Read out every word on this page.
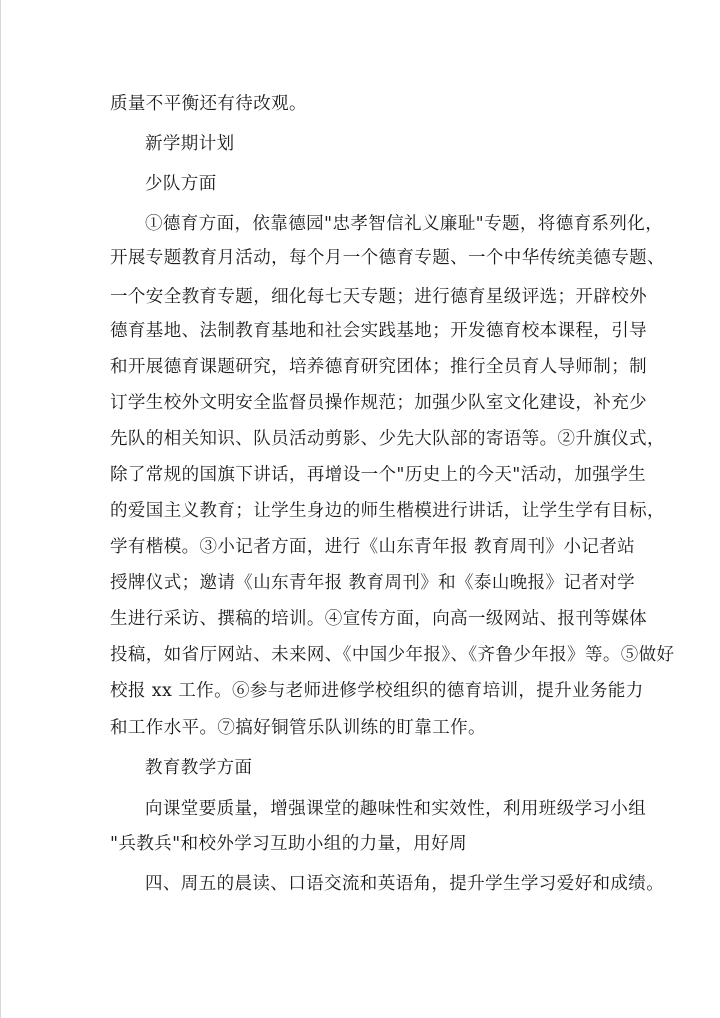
质量不平衡还有待改观。
新学期计划
少队方面
①德育方面，依靠德园"忠孝智信礼义廉耻"专题，将德育系列化，
开展专题教育月活动，每个月一个德育专题、一个中华传统美德专题、
一个安全教育专题，细化每七天专题；进行德育星级评选；开辟校外
德育基地、法制教育基地和社会实践基地；开发德育校本课程，引导
和开展德育课题研究，培养德育研究团体；推行全员育人导师制；制
订学生校外文明安全监督员操作规范；加强少队室文化建设，补充少
先队的相关知识、队员活动剪影、少先大队部的寄语等。②升旗仪式，
除了常规的国旗下讲话，再增设一个"历史上的今天"活动，加强学生
的爱国主义教育；让学生身边的师生楷模进行讲话，让学生学有目标，
学有楷模。③小记者方面，进行《山东青年报 教育周刊》小记者站
授牌仪式；邀请《山东青年报 教育周刊》和《泰山晚报》记者对学
生进行采访、撰稿的培训。④宣传方面，向高一级网站、报刊等媒体
投稿，如省厅网站、未来网、《中国少年报》、《齐鲁少年报》等。⑤做好
校报 xx 工作。⑥参与老师进修学校组织的德育培训，提升业务能力
和工作水平。⑦搞好铜管乐队训练的盯靠工作。
教育教学方面
向课堂要质量，增强课堂的趣味性和实效性，利用班级学习小组
"兵教兵"和校外学习互助小组的力量，用好周
四、周五的晨读、口语交流和英语角，提升学生学习爱好和成绩。
